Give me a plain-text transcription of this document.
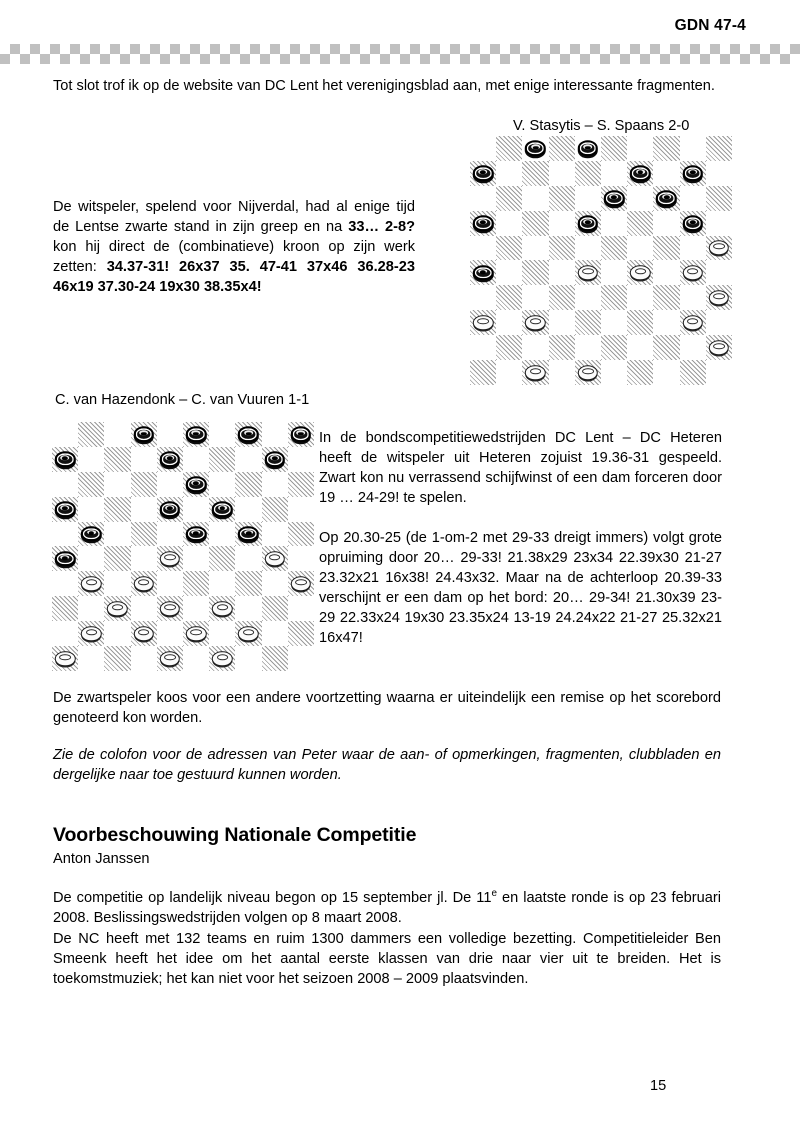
GDN 47-4
Tot slot trof ik op de website van DC Lent het verenigingsblad aan, met enige interessante fragmenten.
V. Stasytis – S. Spaans 2-0
De witspeler, spelend voor Nijverdal, had al enige tijd de Lentse zwarte stand in zijn greep en na 33… 2-8? kon hij direct de (combinatieve) kroon op zijn werk zetten: 34.37-31! 26x37 35. 47-41 37x46 36.28-23 46x19 37.30-24 19x30 38.35x4!
C. van Hazendonk – C. van Vuuren 1-1
In de bondscompetitiewedstrijden DC Lent – DC Heteren heeft de witspeler uit Heteren zojuist 19.36-31 gespeeld. Zwart kon nu verrassend schijfwinst of een dam forceren door 19 … 24-29! te spelen.
Op 20.30-25 (de 1-om-2 met 29-33 dreigt immers) volgt grote opruiming door 20… 29-33! 21.38x29 23x34 22.39x30 21-27 23.32x21 16x38! 24.43x32. Maar na de achterloop 20.39-33 verschijnt er een dam op het bord: 20… 29-34! 21.30x39 23-29 22.33x24 19x30 23.35x24 13-19 24.24x22 21-27 25.32x21 16x47!
De zwartspeler koos voor een andere voortzetting waarna er uiteindelijk een remise op het scorebord genoteerd kon worden.
Zie de colofon voor de adressen van Peter waar de aan- of opmerkingen, fragmenten, clubbladen en dergelijke naar toe gestuurd kunnen worden.
Voorbeschouwing Nationale Competitie
Anton Janssen
De competitie op landelijk niveau begon op 15 september jl. De 11e en laatste ronde is op 23 februari 2008. Beslissingswedstrijden volgen op 8 maart 2008.
De NC heeft met 132 teams en ruim 1300 dammers een volledige bezetting. Competitieleider Ben Smeenk heeft het idee om het aantal eerste klassen van drie naar vier uit te breiden. Het is toekomstmuziek; het kan niet voor het seizoen 2008 – 2009 plaatsvinden.
15
